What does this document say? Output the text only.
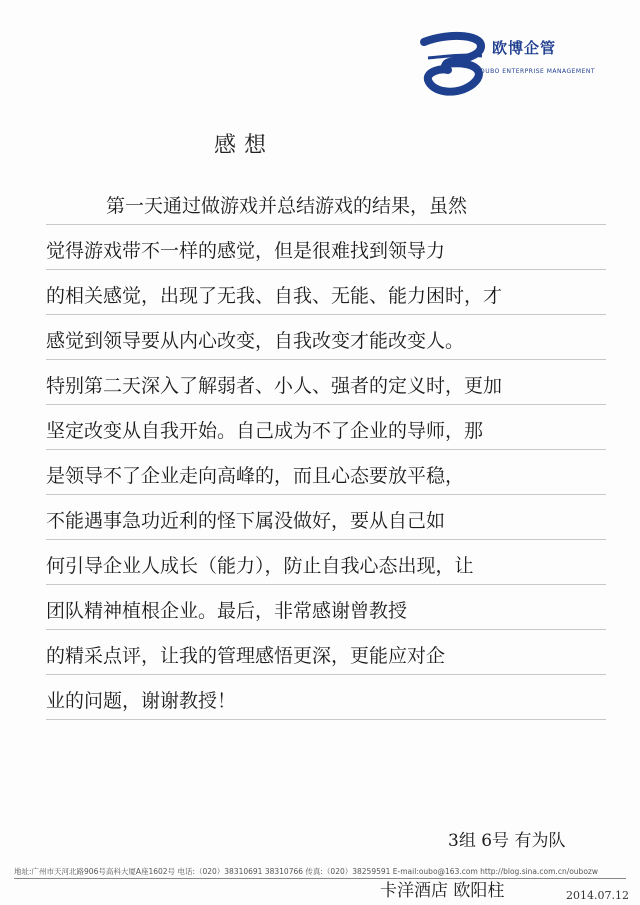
欧博企管
OUBO ENTERPRISE MANAGEMENT
感想
第一天通过做游戏并总结游戏的结果，虽然
觉得游戏带不一样的感觉，但是很难找到领导力
的相关感觉，出现了无我、自我、无能、能力困时，才
感觉到领导要从内心改变，自我改变才能改变人。
特别第二天深入了解弱者、小人、强者的定义时，更加
坚定改变从自我开始。自己成为不了企业的导师，那
是领导不了企业走向高峰的，而且心态要放平稳，
不能遇事急功近利的怪下属没做好，要从自己如
何引导企业人成长（能力），防止自我心态出现，让
团队精神植根企业。最后，非常感谢曾教授
的精采点评，让我的管理感悟更深，更能应对企
业的问题，谢谢教授！
3组 6号 有为队
地址:广州市天河北路906号高科大厦A座1602号 电话:（020）38310691 38310766 传真:（020）38259591 E-mail:oubo@163.com http://blog.sina.com.cn/oubozw
卡洋酒店 欧阳柱	2014.07.12
